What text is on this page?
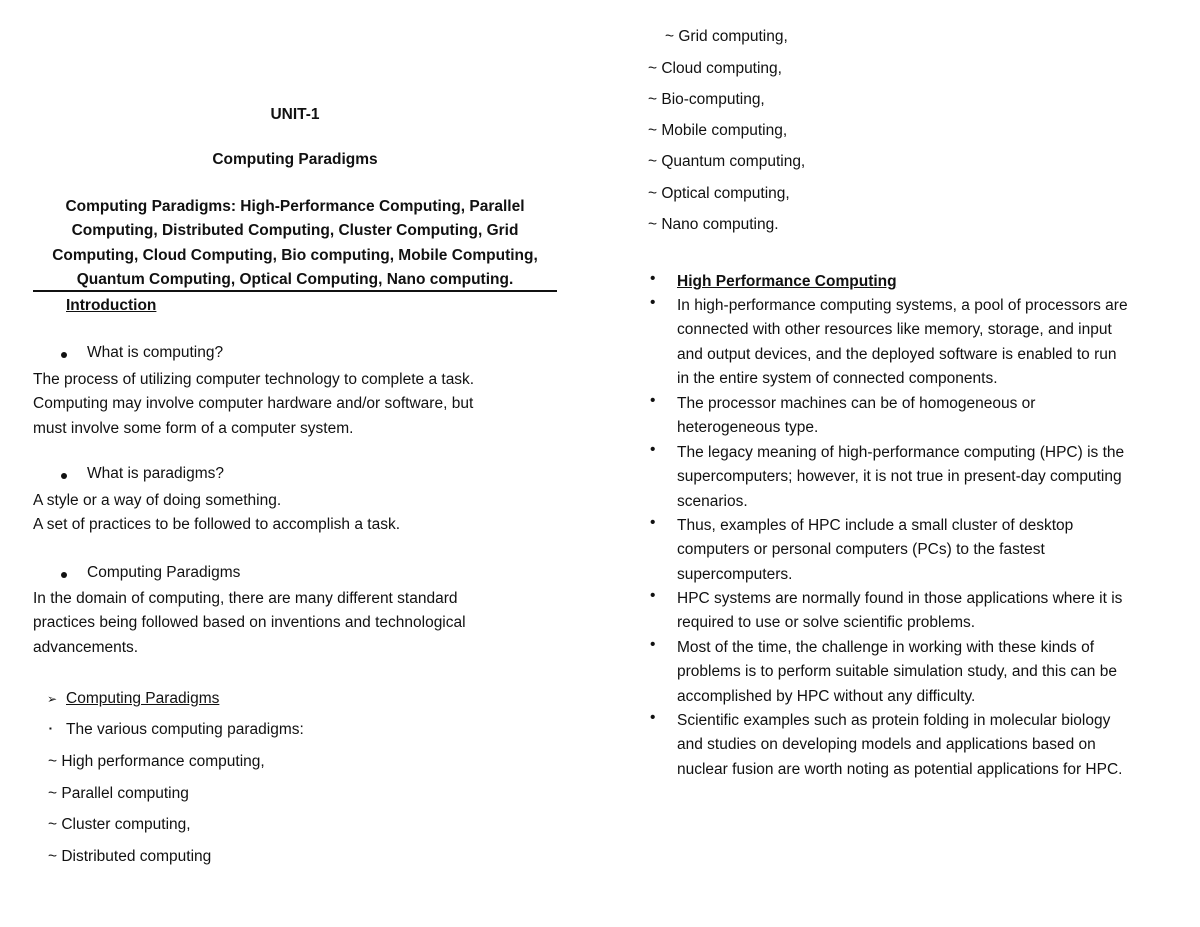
UNIT-1
Computing Paradigms
Computing Paradigms: High-Performance Computing, Parallel
Computing, Distributed Computing, Cluster Computing, Grid
Computing, Cloud Computing, Bio computing, Mobile Computing,
Quantum Computing, Optical Computing, Nano computing.
Introduction
What is computing?
The process of utilizing computer technology to complete a task.
Computing may involve computer hardware and/or software, but
must involve some form of a computer system.
What is paradigms?
A style or a way of doing something.
A set of practices to be followed to accomplish a task.
Computing Paradigms
In the domain of computing, there are many different standard
practices being followed based on inventions and technological
advancements.
➢ Computing Paradigms
▪ The various computing paradigms:
~ High performance computing,
~ Parallel computing
~ Cluster computing,
~ Distributed computing
~ Grid computing,
~ Cloud computing,
~ Bio-computing,
~ Mobile computing,
~ Quantum computing,
~ Optical computing,
~ Nano computing.
• High Performance Computing
• In high-performance computing systems, a pool of processors are
connected with other resources like memory, storage, and input
and output devices, and the deployed software is enabled to run
in the entire system of connected components.
• The processor machines can be of homogeneous or
heterogeneous type.
• The legacy meaning of high-performance computing (HPC) is the
supercomputers; however, it is not true in present-day computing
scenarios.
• Thus, examples of HPC include a small cluster of desktop
computers or personal computers (PCs) to the fastest
supercomputers.
• HPC systems are normally found in those applications where it is
required to use or solve scientific problems.
• Most of the time, the challenge in working with these kinds of
problems is to perform suitable simulation study, and this can be
accomplished by HPC without any difficulty.
• Scientific examples such as protein folding in molecular biology
and studies on developing models and applications based on
nuclear fusion are worth noting as potential applications for HPC.
